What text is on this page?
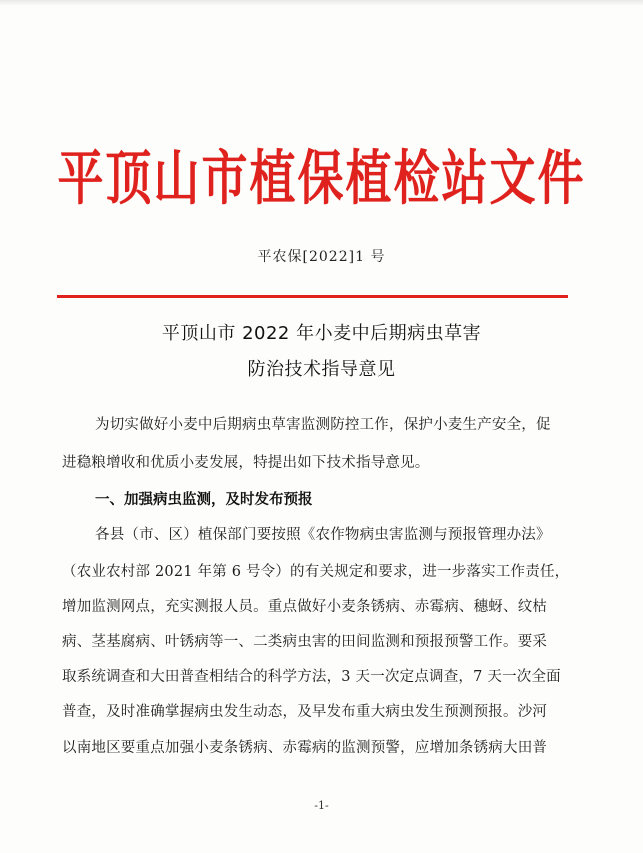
平顶山市植保植检站文件
平农保[2022]1 号
平顶山市 2022 年小麦中后期病虫草害
防治技术指导意见
为切实做好小麦中后期病虫草害监测防控工作，保护小麦生产安全，促
进稳粮增收和优质小麦发展，特提出如下技术指导意见。
一、加强病虫监测，及时发布预报
各县（市、区）植保部门要按照《农作物病虫害监测与预报管理办法》
（农业农村部 2021 年第 6 号令）的有关规定和要求，进一步落实工作责任，
增加监测网点，充实测报人员。重点做好小麦条锈病、赤霉病、穗蚜、纹枯
病、茎基腐病、叶锈病等一、二类病虫害的田间监测和预报预警工作。要采
取系统调查和大田普查相结合的科学方法，3 天一次定点调查，7 天一次全面
普查，及时准确掌握病虫发生动态，及早发布重大病虫发生预测预报。沙河
以南地区要重点加强小麦条锈病、赤霉病的监测预警，应增加条锈病大田普
-1-
